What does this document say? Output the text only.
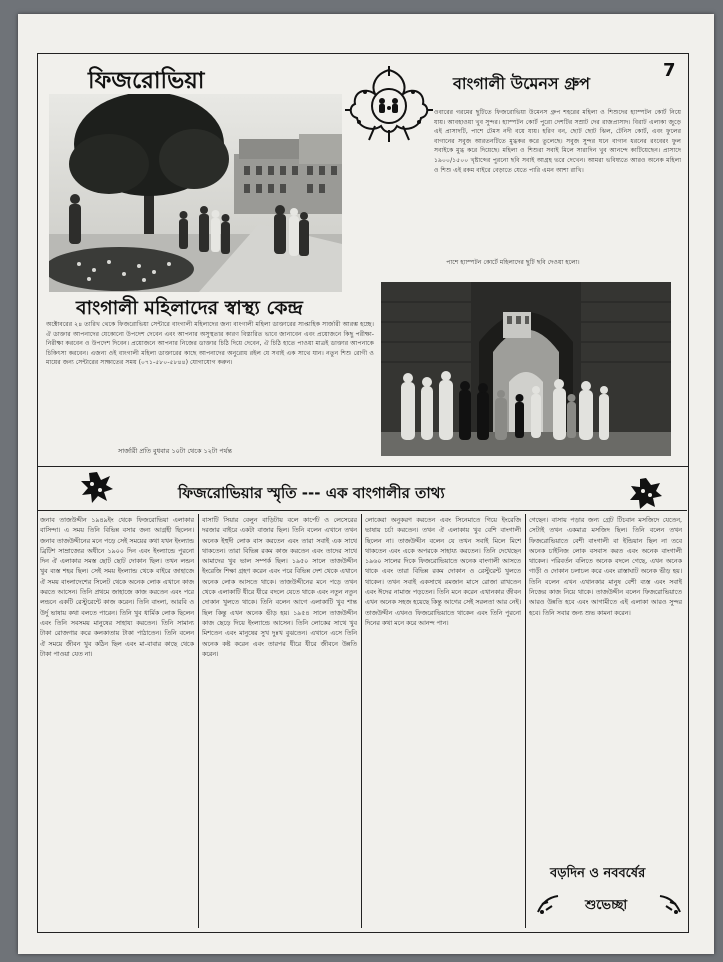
7
ফিজরোভিয়া	বাংগালী উমেনস গ্রুপ
ওবারের গরমের ছুটিতে ফিজরোভিয়া উমেনস গ্রুপ শহরের মহিলা ও শিশুদের হ্যাম্পটন কোর্ট নিয়ে যায়। আবহাওয়া খুব সুন্দর। হ্যাম্পটন কোর্ট পুরো দেশটির সম্রাট দের রাজপ্রাসাদ। বিরাট এলাকা জুড়ে এই প্রাসাদটি, পাশে টেমস নদী বয়ে যায়। হরিণ বন, ছোট ছোট ঝিল, টেনিস কোর্ট, এবং ফুলের বাগানের সবুজ আরতনটিতে মুগ্ধকর করে তুলেছে। সবুজ সুন্দর ঘনে বাগান ধরনের রংবেরং ফুল সবাইকে মুগ্ধ করে দিয়েছে। মহিলা ও শিশুরা সবাই মিলে সারাদিন খুব আনন্দে কাটিয়েছেন। প্রাসাদে ১৯০০/১৫০০ খৃষ্টাব্দের পুরনো ছবি সবাই আগ্রহ ভরে দেখেন। আমরা ভবিষ্যতে আরও অনেক মহিলা ও শিশু এই রকম বাইরে বেড়াতে যেতে পারি এমন আশা রাখি।
পাশে হ্যাম্পটন কোর্টে মহিলাদের ছুটি ছবি দেওয়া হলো।
বাংগালী মহিলাদের স্বাস্থ্য কেন্দ্র
অক্টোবরের ২৪ তারিখ থেকে ফিজরোভিয়া সেন্টারে বাংগালী মহিলাদের জন্য বাংগালী মহিলা ডাক্তারের সাপ্তাহিক সার্জারী আরম্ভ হচ্ছে। ঐ ডাক্তার আপনাদের যেকোনো উপদেশ দেবেন এবং আপনার অসুস্থতার কারণ বিস্তারিত ভাবে জানাবেন এবং প্রয়োজনে কিছু পরীক্ষা-নিরীক্ষা করবেন ও উপদেশ দিবেন। প্রয়োজনে আপনার নিজের ডাক্তার চিঠি দিয়ে দেবেন, ঐ চিঠি হাতে পাওয়া মাত্রই ডাক্তার আপনাকে চিকিৎসা করবেন। এজন্য ওই বাংগালী মহিলা ডাক্তারের কাছে আপনাদের অনুরোধ রইল যে সবাই এক সাথে যান। নতুন শিশু রোগী ও মায়ের জন্য সেন্টারের সাক্ষাতের সময় (০৭১-৫৮০-৫৮৪৪) যোগাযোগ করুন।
সার্জারী প্রতি বুধবার ১০টা থেকে ১২টা পর্যন্ত
ফিজরোভিয়ার স্মৃতি --- এক বাংগালীর তাথ্য
জনাব তাজউদ্দীন ১৯৪৯ইং থেকে ফিজরোভিয়া এলাকার বাসিন্দা। এ সময় তিনি বিভিন্ন বসার জন্য আগ্রহী ছিলেন। জনাব তাজউদ্দীনের মনে পড়ে সেই সময়ের কথা যখন ইংল্যান্ড ব্রিটিশ সাম্রাজ্যের অধীনে ১৯০০ দিন এবং ইংল্যান্ডে পুরনো দিন ঐ এলাকার সমস্ত ছোট ছোট দোকান ছিল। তখন লন্ডন খুব ব্যস্ত শহর ছিল। সেই সময় ইংল্যান্ড থেকে বাইরে জাহাজে ঐ সময় বাংলাদেশের সিলেট থেকে অনেক লোক এখানে কাজ করতে আসেন। তিনি প্রথমে জাহাজে কাজ করতেন এবং পরে লন্ডনে একটি রেস্টুরেন্টে কাজ করেন। তিনি বাংলা, আরবি ও উর্দু ভাষায় কথা বলতে পারেন। তিনি খুব ধার্মিক লোক ছিলেন এবং তিনি সবসময় মানুষের সাহায্য করতেন। তিনি সামান্য টাকা রোজগার করে কলকাতায় টাকা পাঠাতেন। তিনি বলেন ঐ সময়ে জীবন খুব কঠিন ছিল এবং মা-বাবার কাছে থেকে টাকা পাওয়া যেত না।
বাসাটি সিয়ার বেলুন বাড়িটায় বলে কার্পেট ও লেসেরের দরজার বাইরে একটা বাজার ছিল। তিনি বলেন এখানে তখন অনেক ইহুদী লোক বাস করতেন এবং তারা সবাই এক সাথে থাকতেন। তারা বিভিন্ন রকম কাজ করতেন এবং তাদের সাথে আমাদের খুব ভাল সম্পর্ক ছিল। ১৯৫০ সালে তাজউদ্দীন ইংরেজি শিক্ষা গ্রহণ করেন এবং পরে বিভিন্ন দেশ থেকে এখানে অনেক লোক আসতে থাকে। তাজউদ্দীনের মনে পড়ে তখন থেকে এলাকাটি ধীরে ধীরে বদলে যেতে থাকে এবং নতুন নতুন দোকান খুলতে থাকে। তিনি বলেন আগে এলাকাটি খুব শান্ত ছিল কিন্তু এখন অনেক ভীড় হয়। ১৯৫৪ সালে তাজউদ্দীন কাজ ছেড়ে দিয়ে ইংল্যান্ডে আসেন। তিনি লোকের সাথে খুব মিশতেন এবং মানুষের সুখ দুঃখ বুঝতেন। এখানে এসে তিনি অনেক কষ্ট করেন এবং তারপর ধীরে ধীরে জীবনে উন্নতি করেন।
লোকেরা অনুকরণ করতেন এবং সিনেমাতে গিয়ে ইংরেজি ভাষায় চর্চা করতেন। তখন ঐ এলাকায় খুব বেশি বাংগালী ছিলেন না। তাজউদ্দীন বলেন যে তখন সবাই মিলে মিশে থাকতেন এবং একে অপরকে সাহায্য করতেন। তিনি দেখেছেন ১৯৬০ সালের দিকে ফিজরোভিয়াতে অনেক বাংগালী আসতে থাকে এবং তারা বিভিন্ন রকম দোকান ও রেস্টুরেন্ট খুলতে থাকেন। তখন সবাই একসাথে রমজান মাসে রোজা রাখতেন এবং ঈদের নামাজ পড়তেন। তিনি মনে করেন এখানকার জীবন এখন অনেক সহজ হয়েছে কিন্তু আগের সেই সরলতা আর নেই। তাজউদ্দীন এখনও ফিজরোভিয়াতে থাকেন এবং তিনি পুরনো দিনের কথা মনে করে আনন্দ পান।
গেছেন। বাসায় পড়ার জন্য গ্রেট টিচবান মসজিদে যেতেন, সেটাই তখন একমাত্র মসজিদ ছিল। তিনি বলেন তখন ফিজরোভিয়াতে বেশী বাংগালী বা ইন্ডিয়ান ছিল না তবে অনেক চাইনিজ লোক বসবাস করত এবং অনেক বাংগালী থাকেন। পরিবর্তন বলিতে অনেক বদলে গেছে, এখন অনেক গাড়ী ও দোকান চলাচল করে এবং রাস্তাঘাট অনেক ভীড় হয়। তিনি বলেন এখন এখানকার মানুষ বেশী ব্যস্ত এবং সবাই নিজের কাজ নিয়ে থাকে। তাজউদ্দীন বলেন ফিজরোভিয়াতে আরও উন্নতি হবে এবং আগামীতে এই এলাকা আরও সুন্দর হবে। তিনি সবার জন্য শুভ কামনা করেন।
বড়দিন ও নববর্ষের
শুভেচ্ছা
